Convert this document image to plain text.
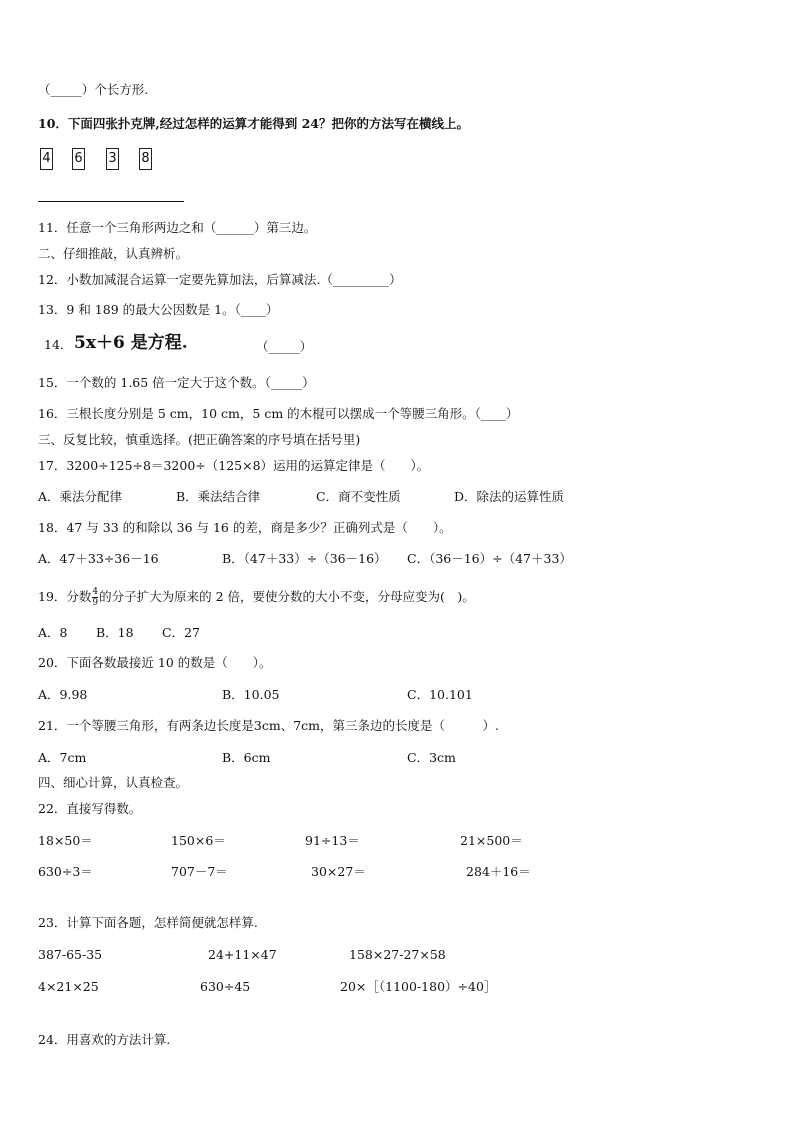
（_____）个长方形.
10．下面四张扑克牌,经过怎样的运算才能得到 24？把你的方法写在横线上。
4 6 3 8
11．任意一个三角形两边之和（______）第三边。
二、仔细推敲，认真辨析。
12．小数加减混合运算一定要先算加法，后算减法.（_________）
13．9 和 189 的最大公因数是 1。（____）
14． 5x＋6 是方程.	（_____）
15．一个数的 1.65 倍一定大于这个数。（_____）
16．三根长度分别是 5 cm，10 cm，5 cm 的木棍可以摆成一个等腰三角形。（____）
三、反复比较，慎重选择。(把正确答案的序号填在括号里)
17．3200÷125÷8＝3200÷（125×8）运用的运算定律是（　　）。
A．乘法分配律	B．乘法结合律	C．商不变性质	D．除法的运算性质
18．47 与 33 的和除以 36 与 16 的差，商是多少？正确列式是（　　）。
A．47＋33÷36－16	B．（47＋33）÷（36－16） C．（36－16）÷（47＋33）
19．分数 $\frac{4}{9}$ 的分子扩大为原来的 2 倍，要使分数的大小不变，分母应变为(　)。
A．8 B．18 C．27
20．下面各数最接近 10 的数是（　　）。
A．9.98	B．10.05	C．10.101
21．一个等腰三角形，有两条边长度是3cm、7cm，第三条边的长度是（　　　）.
A．7cm	B．6cm	C．3cm
四、细心计算，认真检查。
22．直接写得数。
18×50＝	150×6＝	91÷13＝	21×500＝
630÷3＝	707－7＝	30×27＝	284＋16＝
23．计算下面各题，怎样简便就怎样算.
387-65-35	24+11×47	158×27-27×58
4×21×25	630÷45	20×［（1100-180）÷40］
24．用喜欢的方法计算.
